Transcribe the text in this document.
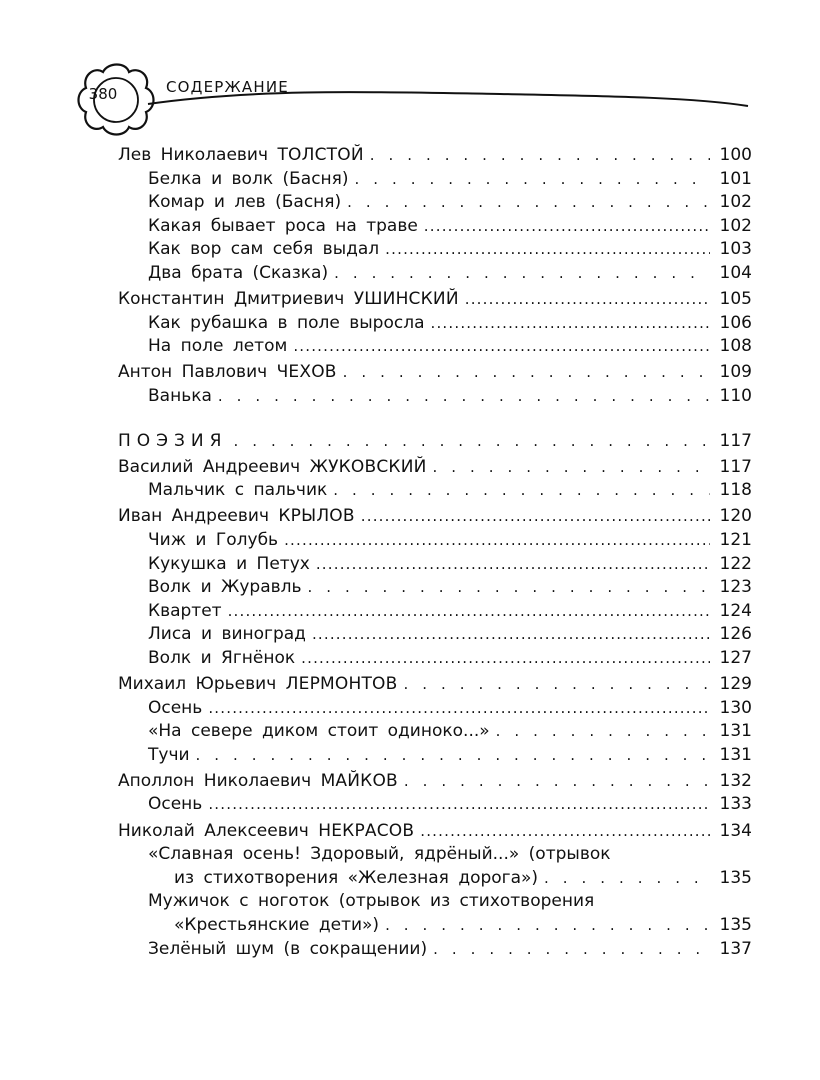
380	СОДЕРЖАНИЕ
Лев Николаевич ТОЛСТОЙ . . .	100
Белка и волк (Басня) . . .	101
Комар и лев (Басня) . . .	102
Какая бывает роса на траве .....	102
Как вор сам себя выдал .....	103
Два брата (Сказка) . . .	104
Константин Дмитриевич УШИНСКИЙ .....	105
Как рубашка в поле выросла .....	106
На поле летом .....	108
Антон Павлович ЧЕХОВ . . .	109
Ванька . . .	110
ПОЭЗИЯ . . .	117
Василий Андреевич ЖУКОВСКИЙ . . .	117
Мальчик с пальчик . . .	118
Иван Андреевич КРЫЛОВ .....	120
Чиж и Голубь .....	121
Кукушка и Петух .....	122
Волк и Журавль . . .	123
Квартет .....	124
Лиса и виноград .....	126
Волк и Ягнёнок .....	127
Михаил Юрьевич ЛЕРМОНТОВ . . .	129
Осень .....	130
«На севере диком стоит одиноко...» . . .	131
Тучи . . .	131
Аполлон Николаевич МАЙКОВ . . .	132
Осень .....	133
Николай Алексеевич НЕКРАСОВ .....	134
«Славная осень! Здоровый, ядрёный...» (отрывок
из стихотворения «Железная дорога») . . .	135
Мужичок с ноготок (отрывок из стихотворения
«Крестьянские дети») . . .	135
Зелёный шум (в сокращении) . . .	137
